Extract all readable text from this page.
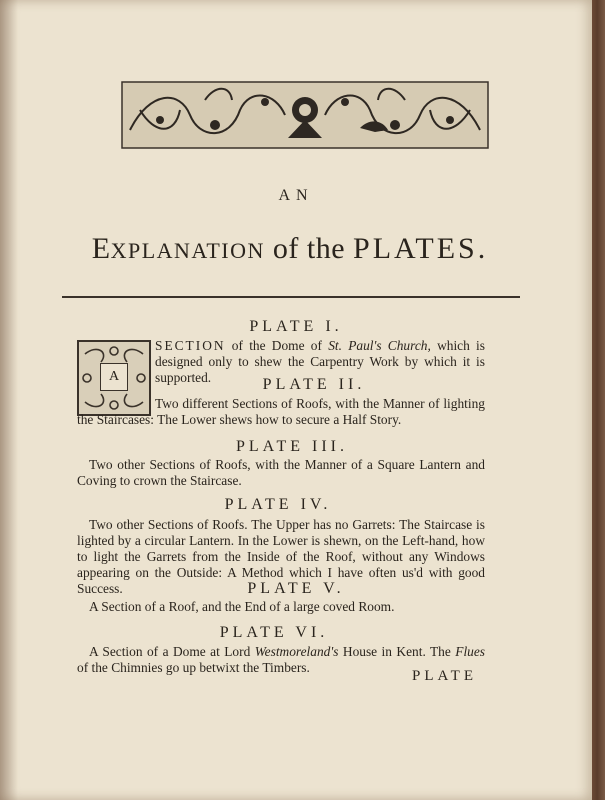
AN
EXPLANATION of the PLATES.
PLATE I.
A
SECTION of the Dome of St. Paul's Church, which is designed only to shew the Carpentry Work by which it is supported.	PLATE II.
Two different Sections of Roofs, with the Manner of lighting the Staircases: The Lower shews how to secure a Half Story.
PLATE III.
Two other Sections of Roofs, with the Manner of a Square Lantern and Coving to crown the Staircase.
PLATE IV.
Two other Sections of Roofs. The Upper has no Garrets: The Staircase is lighted by a circular Lantern. In the Lower is shewn, on the Left-hand, how to light the Garrets from the Inside of the Roof, without any Windows appearing on the Outside: A Method which I have often us'd with good Success.	PLATE V.
A Section of a Roof, and the End of a large coved Room.
PLATE VI.
A Section of a Dome at Lord Westmoreland's House in Kent. The Flues of the Chimnies go up betwixt the Timbers.
PLATE
